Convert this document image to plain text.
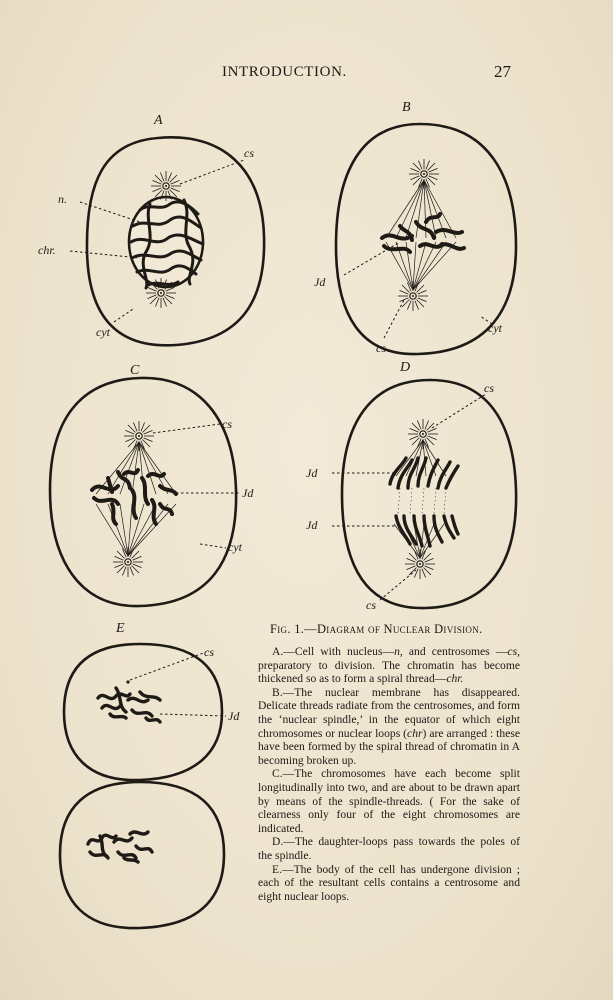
INTRODUCTION.	27
A
B
C	D
E
cs
n.
chr.
cyt
Jd
cs
cyt
cs
Jd
cyt
cs
Jd
Jd
cs
cs
Jd
Fig. 1.—Diagram of Nuclear Division.

A.—Cell with nucleus—n, and centrosomes —cs, preparatory to division. The chromatin has become thickened so as to form a spiral thread—chr.

B.—The nuclear membrane has disappeared. Delicate threads radiate from the centrosomes, and form the ‘nuclear spindle,’ in the equator of which eight chromosomes or nuclear loops (chr) are arranged : these have been formed by the spiral thread of chromatin in A becoming broken up.

C.—The chromosomes have each become split longitudinally into two, and are about to be drawn apart by means of the spindle-threads. ( For the sake of clearness only four of the eight chromosomes are indicated.

D.—The daughter-loops pass towards the poles of the spindle.

E.—The body of the cell has undergone division ; each of the resultant cells contains a centrosome and eight nuclear loops.
